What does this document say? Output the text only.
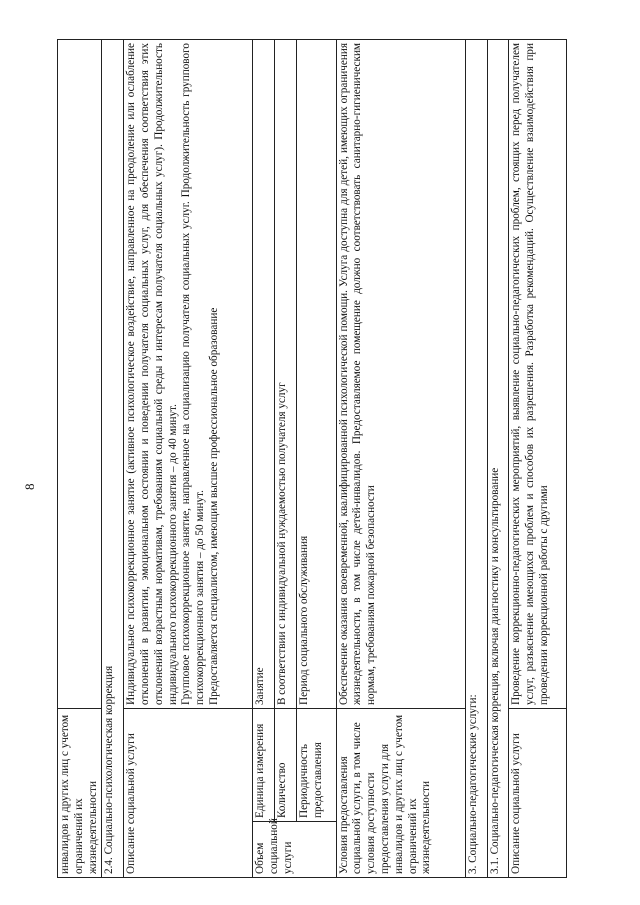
8
инвалидов и других лиц с учетом ограничений их жизнедеятельности		
2.4. Социально-психологическая коррекция		
Описание социальной услуги		Индивидуальное психокоррекционное занятие (активное психологическое воздействие, направленное на преодоление или ослабление отклонений в развитии, эмоциональном состоянии и поведении получателя социальных услуг, для обеспечения соответствия этих отклонений возрастным нормативам, требованиям социальной среды и интересам получателя социальных услуг). Продолжительность индивидуального психокоррекционного занятия – до 40 минут. Групповое психокоррекционное занятие, направленное на социализацию получателя социальных услуг. Продолжительность группового психокоррекционного занятия – до 50 минут. Предоставляется специалистом, имеющим высшее профессиональное образование

Объем социальной услуги	Единица измерения	Занятие
	Количество	В соответствии с индивидуальной нуждаемостью получателя услуг
	Периодичность предоставления	Период социального обслуживания
Условия предоставления социальной услуги, в том числе условия доступности предоставления услуги для инвалидов и других лиц с учетом ограничений их жизнедеятельности		Обеспечение оказания своевременной, квалифицированной психологической помощи. Услуга доступна для детей, имеющих ограничения жизнедеятельности, в том числе детей-инвалидов. Предоставляемое помещение должно соответствовать санитарно-гигиеническим нормам, требованиям пожарной безопасности
3. Социально-педагогические услуги:		
3.1. Социально-педагогическая коррекция, включая диагностику и консультирование		
Описание социальной услуги		Проведение коррекционно-педагогических мероприятий, выявление социально-педагогических проблем, стоящих перед получателем услуг, разъяснение имеющихся проблем и способов их разрешения. Разработка рекомендаций. Осуществление взаимодействия при проведении коррекционной работы с другими
